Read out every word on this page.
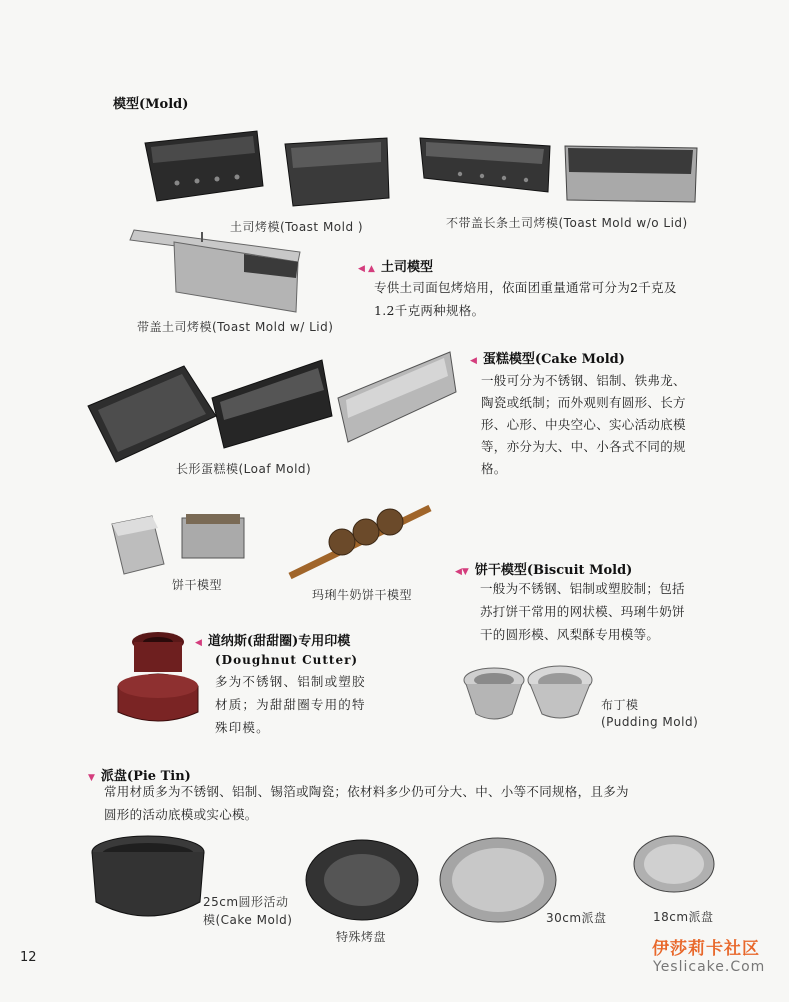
模型(Mold)
土司烤模(Toast Mold )	不带盖长条土司烤模(Toast Mold w/o Lid)
带盖土司烤模(Toast Mold w/ Lid)
◀ ▲ 土司模型
专供土司面包烤焙用，依面团重量通常可分为2千克及
1.2千克两种规格。
长形蛋糕模(Loaf Mold)
◀ 蛋糕模型(Cake Mold)
一般可分为不锈钢、铝制、铁弗龙、
陶瓷或纸制；而外观则有圆形、长方
形、心形、中央空心、实心活动底模
等，亦分为大、中、小各式不同的规
格。
饼干模型
玛琍牛奶饼干模型
◀▼ 饼干模型(Biscuit Mold)
一般为不锈钢、铝制或塑胶制；包括
苏打饼干常用的网状模、玛琍牛奶饼
干的圆形模、风梨酥专用模等。
◀ 道纳斯(甜甜圈)专用印模
(Doughnut Cutter)
多为不锈钢、铝制或塑胶
材质；为甜甜圈专用的特
殊印模。
布丁模
(Pudding Mold)
▼ 派盘(Pie Tin)
常用材质多为不锈钢、铝制、锡箔或陶瓷；依材料多少仍可分大、中、小等不同规格，且多为
圆形的活动底模或实心模。
25cm圆形活动
模(Cake Mold)
特殊烤盘
30cm派盘	18cm派盘
12	伊莎莉卡社区
Yeslicake.Com
